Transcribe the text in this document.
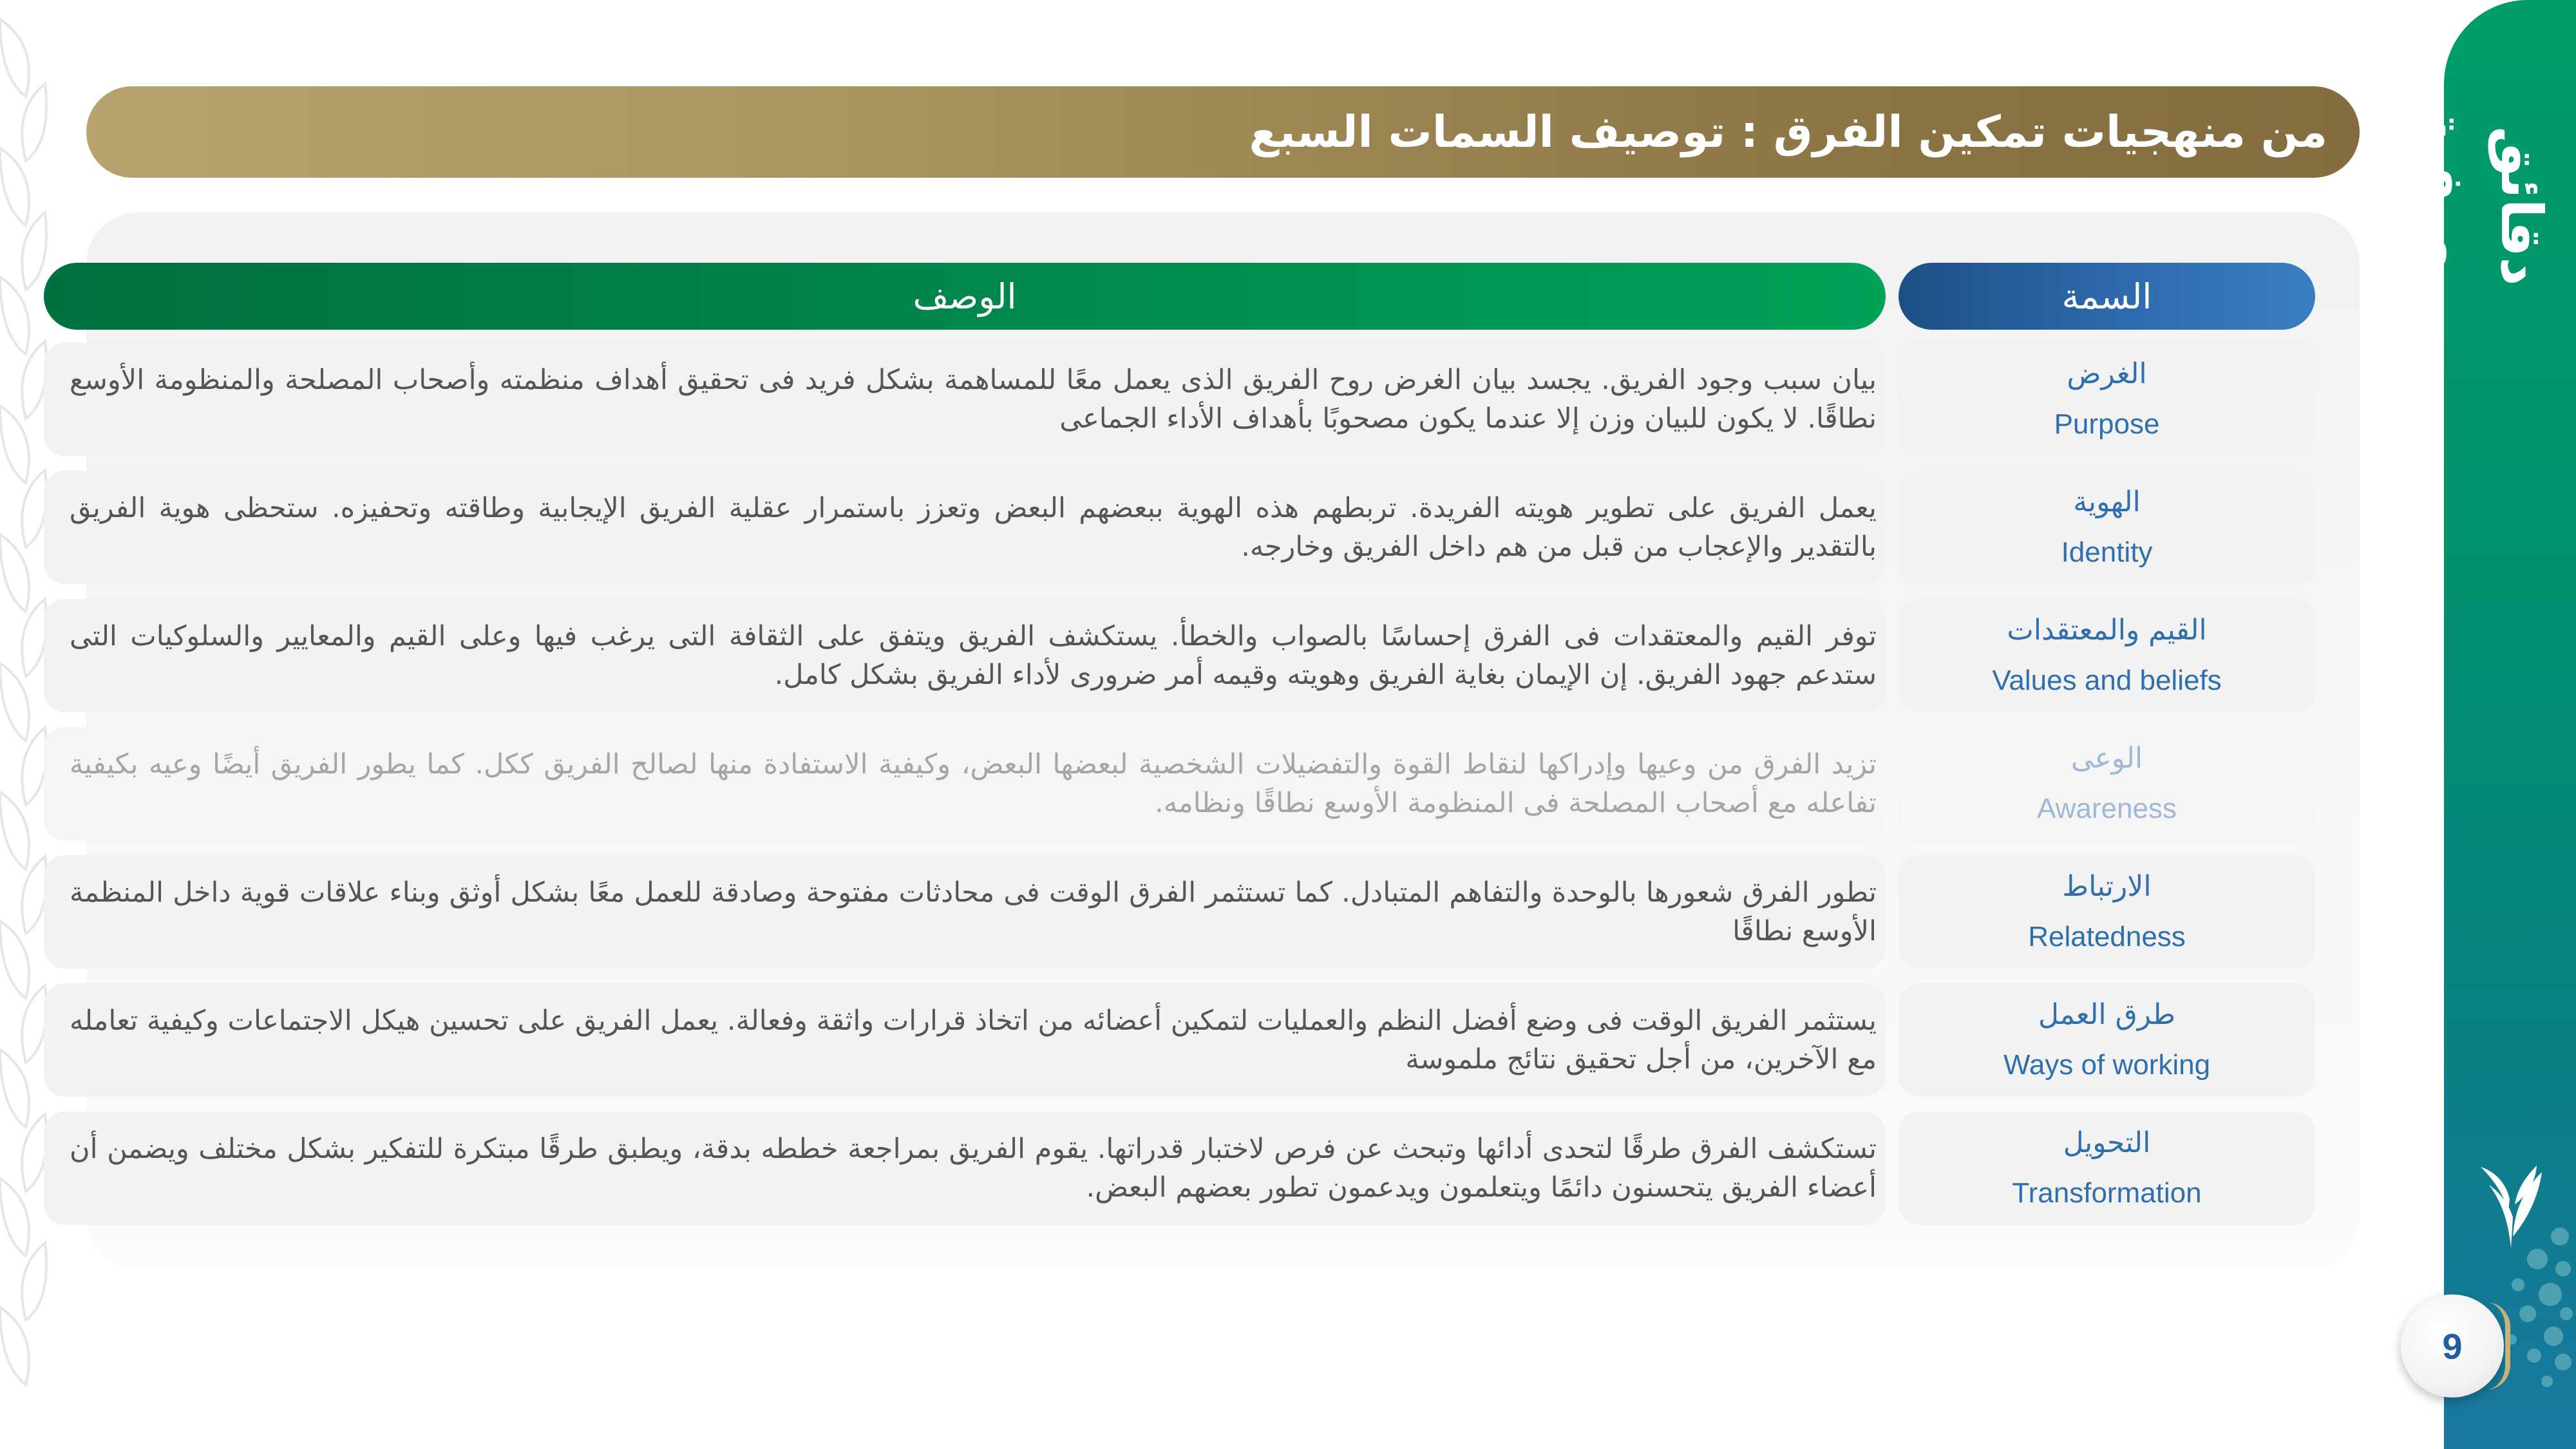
دقائق معرفية
9
من منهجيات تمكين الفرق : توصيف السمات السبع
السمة
الوصف
الغرض
Purpose
بيان سبب وجود الفريق. يجسد بيان الغرض روح الفريق الذى يعمل معًا للمساهمة بشكل فريد فى تحقيق أهداف منظمته وأصحاب المصلحة والمنظومة الأوسع نطاقًا. لا يكون للبيان وزن إلا عندما يكون مصحوبًا بأهداف الأداء الجماعى
الهوية
Identity
يعمل الفريق على تطوير هويته الفريدة. تربطهم هذه الهوية ببعضهم البعض وتعزز باستمرار عقلية الفريق الإيجابية وطاقته وتحفيزه. ستحظى هوية الفريق بالتقدير والإعجاب من قبل من هم داخل الفريق وخارجه.
القيم والمعتقدات
Values and beliefs
توفر القيم والمعتقدات فى الفرق إحساسًا بالصواب والخطأ. يستكشف الفريق ويتفق على الثقافة التى يرغب فيها وعلى القيم والمعايير والسلوكيات التى ستدعم جهود الفريق. إن الإيمان بغاية الفريق وهويته وقيمه أمر ضرورى لأداء الفريق بشكل كامل.
الوعى
Awareness
تزيد الفرق من وعيها وإدراكها لنقاط القوة والتفضيلات الشخصية لبعضها البعض، وكيفية الاستفادة منها لصالح الفريق ككل. كما يطور الفريق أيضًا وعيه بكيفية تفاعله مع أصحاب المصلحة فى المنظومة الأوسع نطاقًا ونظامه.
الارتباط
Relatedness
تطور الفرق شعورها بالوحدة والتفاهم المتبادل. كما تستثمر الفرق الوقت فى محادثات مفتوحة وصادقة للعمل معًا بشكل أوثق وبناء علاقات قوية داخل المنظمة الأوسع نطاقًا
طرق العمل
Ways of working
يستثمر الفريق الوقت فى وضع أفضل النظم والعمليات لتمكين أعضائه من اتخاذ قرارات واثقة وفعالة. يعمل الفريق على تحسين هيكل الاجتماعات وكيفية تعامله مع الآخرين، من أجل تحقيق نتائج ملموسة
التحويل
Transformation
تستكشف الفرق طرقًا لتحدى أدائها وتبحث عن فرص لاختبار قدراتها. يقوم الفريق بمراجعة خططه بدقة، ويطبق طرقًا مبتكرة للتفكير بشكل مختلف ويضمن أن أعضاء الفريق يتحسنون دائمًا ويتعلمون ويدعمون تطور بعضهم البعض.
